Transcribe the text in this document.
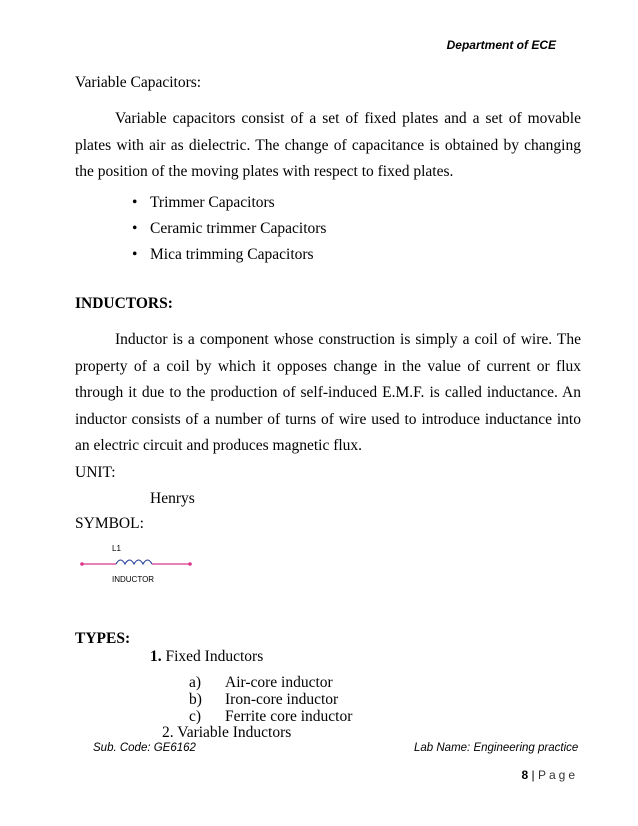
Department of ECE
Variable Capacitors:

Variable capacitors consist of a set of fixed plates and a set of movable plates with air as dielectric. The change of capacitance is obtained by changing the position of the moving plates with respect to fixed plates.

• Trimmer Capacitors
• Ceramic trimmer Capacitors
• Mica trimming Capacitors
INDUCTORS:

Inductor is a component whose construction is simply a coil of wire. The property of a coil by which it opposes change in the value of current or flux through it due to the production of self-induced E.M.F. is called inductance. An inductor consists of a number of turns of wire used to introduce inductance into an electric circuit and produces magnetic flux.

UNIT:
Henrys
SYMBOL:
L1
INDUCTOR
TYPES:
1. Fixed Inductors
a) Air-core inductor
b) Iron-core inductor
c) Ferrite core inductor
2. Variable Inductors
Sub. Code: GE6162	Lab Name: Engineering practice
8 | Page
